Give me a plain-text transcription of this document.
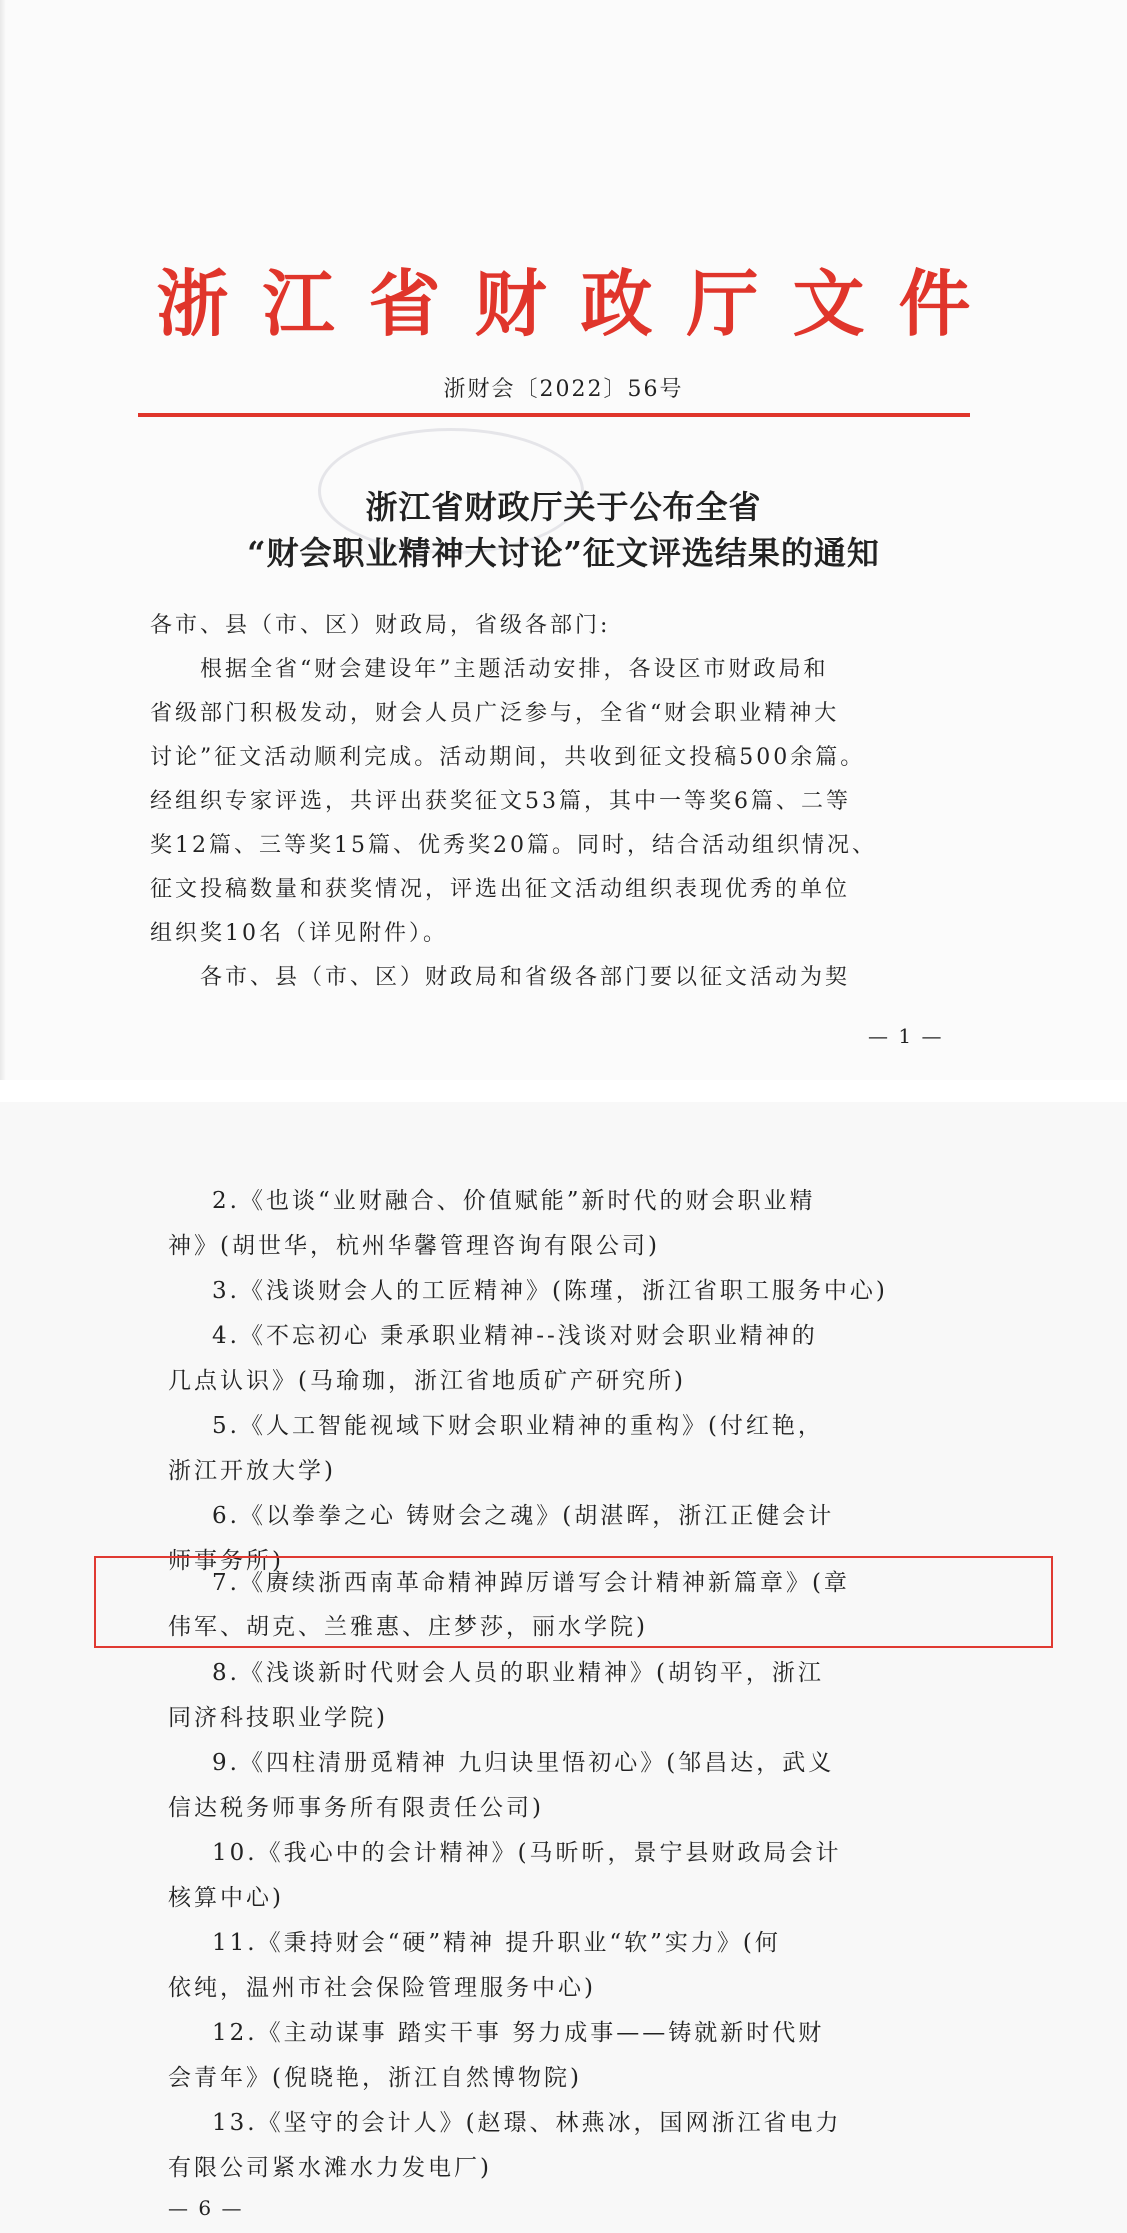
浙江省财政厅文件
浙财会〔2022〕56号
浙江省财政厅关于公布全省
“财会职业精神大讨论”征文评选结果的通知
各市、县（市、区）财政局，省级各部门:
根据全省“财会建设年”主题活动安排，各设区市财政局和
省级部门积极发动，财会人员广泛参与，全省“财会职业精神大
讨论”征文活动顺利完成。活动期间，共收到征文投稿500余篇。
经组织专家评选，共评出获奖征文53篇，其中一等奖6篇、二等
奖12篇、三等奖15篇、优秀奖20篇。同时，结合活动组织情况、
征文投稿数量和获奖情况，评选出征文活动组织表现优秀的单位
组织奖10名（详见附件）。
各市、县（市、区）财政局和省级各部门要以征文活动为契
— 1 —
2.《也谈“业财融合、价值赋能”新时代的财会职业精
神》(胡世华，杭州华馨管理咨询有限公司)
3.《浅谈财会人的工匠精神》(陈瑾，浙江省职工服务中心)
4.《不忘初心 秉承职业精神--浅谈对财会职业精神的
几点认识》(马瑜珈，浙江省地质矿产研究所)
5.《人工智能视域下财会职业精神的重构》(付红艳，
浙江开放大学)
6.《以拳拳之心 铸财会之魂》(胡湛晖，浙江正健会计
师事务所)
7.《赓续浙西南革命精神踔厉谱写会计精神新篇章》(章
伟军、胡克、兰雅惠、庄梦莎，丽水学院)
8.《浅谈新时代财会人员的职业精神》(胡钧平，浙江
同济科技职业学院)
9.《四柱清册觅精神 九归诀里悟初心》(邹昌达，武义
信达税务师事务所有限责任公司)
10.《我心中的会计精神》(马昕昕，景宁县财政局会计
核算中心)
11.《秉持财会“硬”精神 提升职业“软”实力》(何
依纯，温州市社会保险管理服务中心)
12.《主动谋事 踏实干事 努力成事——铸就新时代财
会青年》(倪晓艳，浙江自然博物院)
13.《坚守的会计人》(赵璟、林燕冰，国网浙江省电力
有限公司紧水滩水力发电厂)
— 6 —
